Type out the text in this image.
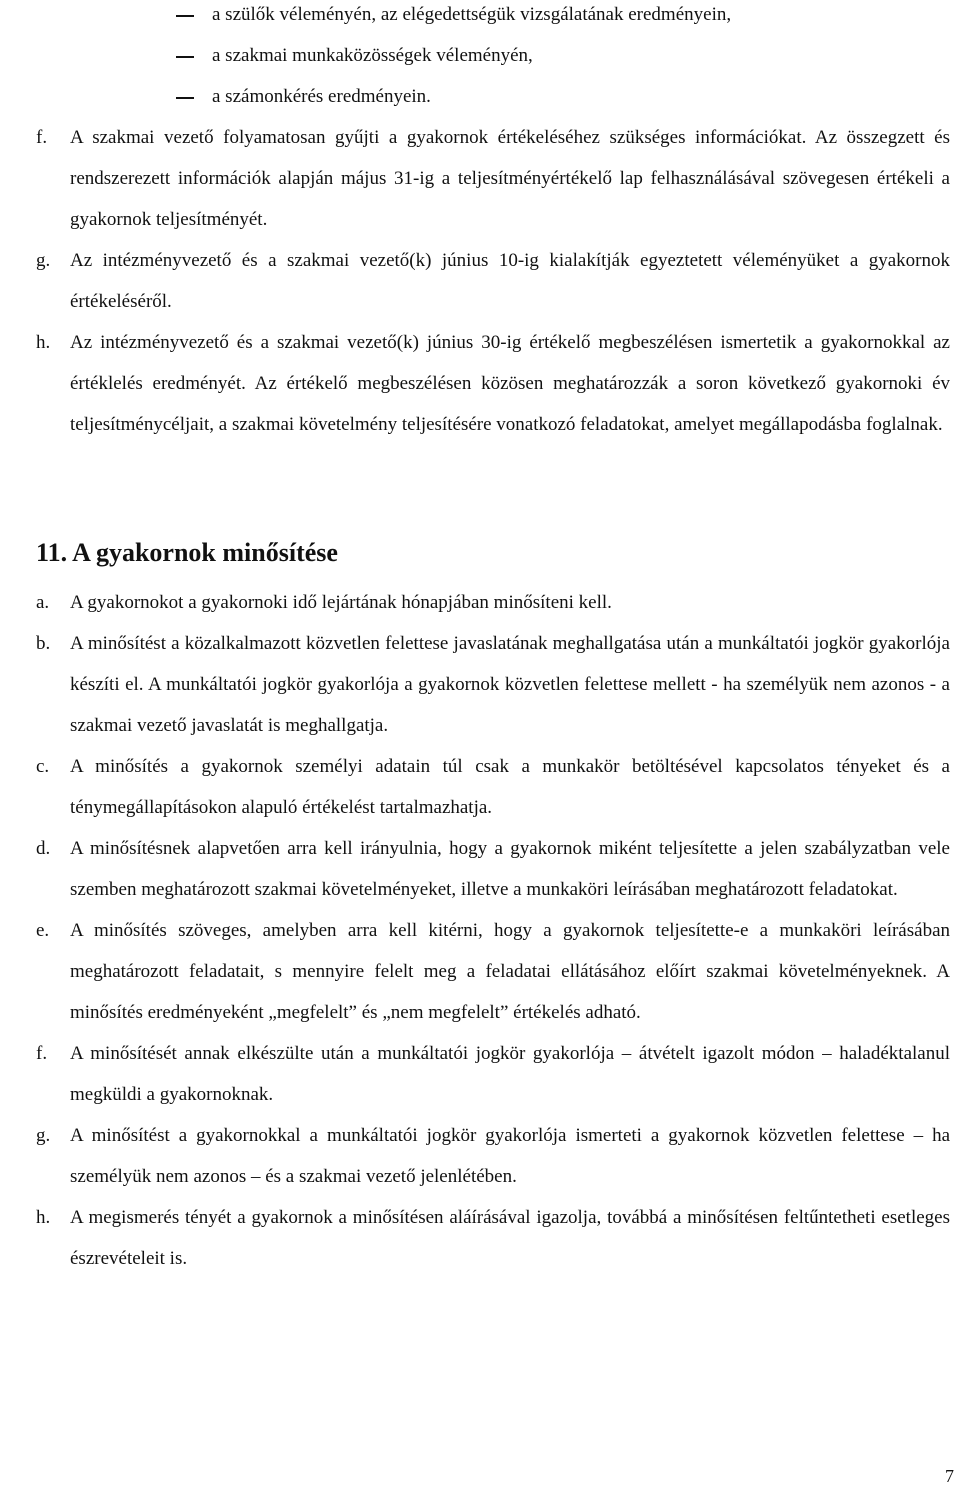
a szülők véleményén, az elégedettségük vizsgálatának eredményein,
a szakmai munkaközösségek véleményén,
a számonkérés eredményein.
f. A szakmai vezető folyamatosan gyűjti a gyakornok értékeléséhez szükséges információkat. Az összegzett és rendszerezett információk alapján május 31-ig a teljesítményértékelő lap felhasználásával szövegesen értékeli a gyakornok teljesítményét.
g. Az intézményvezető és a szakmai vezető(k) június 10-ig kialakítják egyeztetett véleményüket a gyakornok értékeléséről.
h. Az intézményvezető és a szakmai vezető(k) június 30-ig értékelő megbeszélésen ismertetik a gyakornokkal az értéklelés eredményét. Az értékelő megbeszélésen közösen meghatározzák a soron következő gyakornoki év teljesítménycéljait, a szakmai követelmény teljesítésére vonatkozó feladatokat, amelyet megállapodásba foglalnak.
11. A gyakornok minősítése
a. A gyakornokot a gyakornoki idő lejártának hónapjában minősíteni kell.
b. A minősítést a közalkalmazott közvetlen felettese javaslatának meghallgatása után a munkáltatói jogkör gyakorlója készíti el. A munkáltatói jogkör gyakorlója a gyakornok közvetlen felettese mellett - ha személyük nem azonos - a szakmai vezető javaslatát is meghallgatja.
c. A minősítés a gyakornok személyi adatain túl csak a munkakör betöltésével kapcsolatos tényeket és a ténymegállapításokon alapuló értékelést tartalmazhatja.
d. A minősítésnek alapvetően arra kell irányulnia, hogy a gyakornok miként teljesítette a jelen szabályzatban vele szemben meghatározott szakmai követelményeket, illetve a munkaköri leírásában meghatározott feladatokat.
e. A minősítés szöveges, amelyben arra kell kitérni, hogy a gyakornok teljesítette-e a munkaköri leírásában meghatározott feladatait, s mennyire felelt meg a feladatai ellátásához előírt szakmai követelményeknek. A minősítés eredményeként „megfelelt” és „nem megfelelt” értékelés adható.
f. A minősítését annak elkészülte után a munkáltatói jogkör gyakorlója – átvételt igazolt módon – haladéktalanul megküldi a gyakornoknak.
g. A minősítést a gyakornokkal a munkáltatói jogkör gyakorlója ismerteti a gyakornok közvetlen felettese – ha személyük nem azonos – és a szakmai vezető jelenlétében.
h. A megismerés tényét a gyakornok a minősítésen aláírásával igazolja, továbbá a minősítésen feltűntetheti esetleges észrevételeit is.
7
